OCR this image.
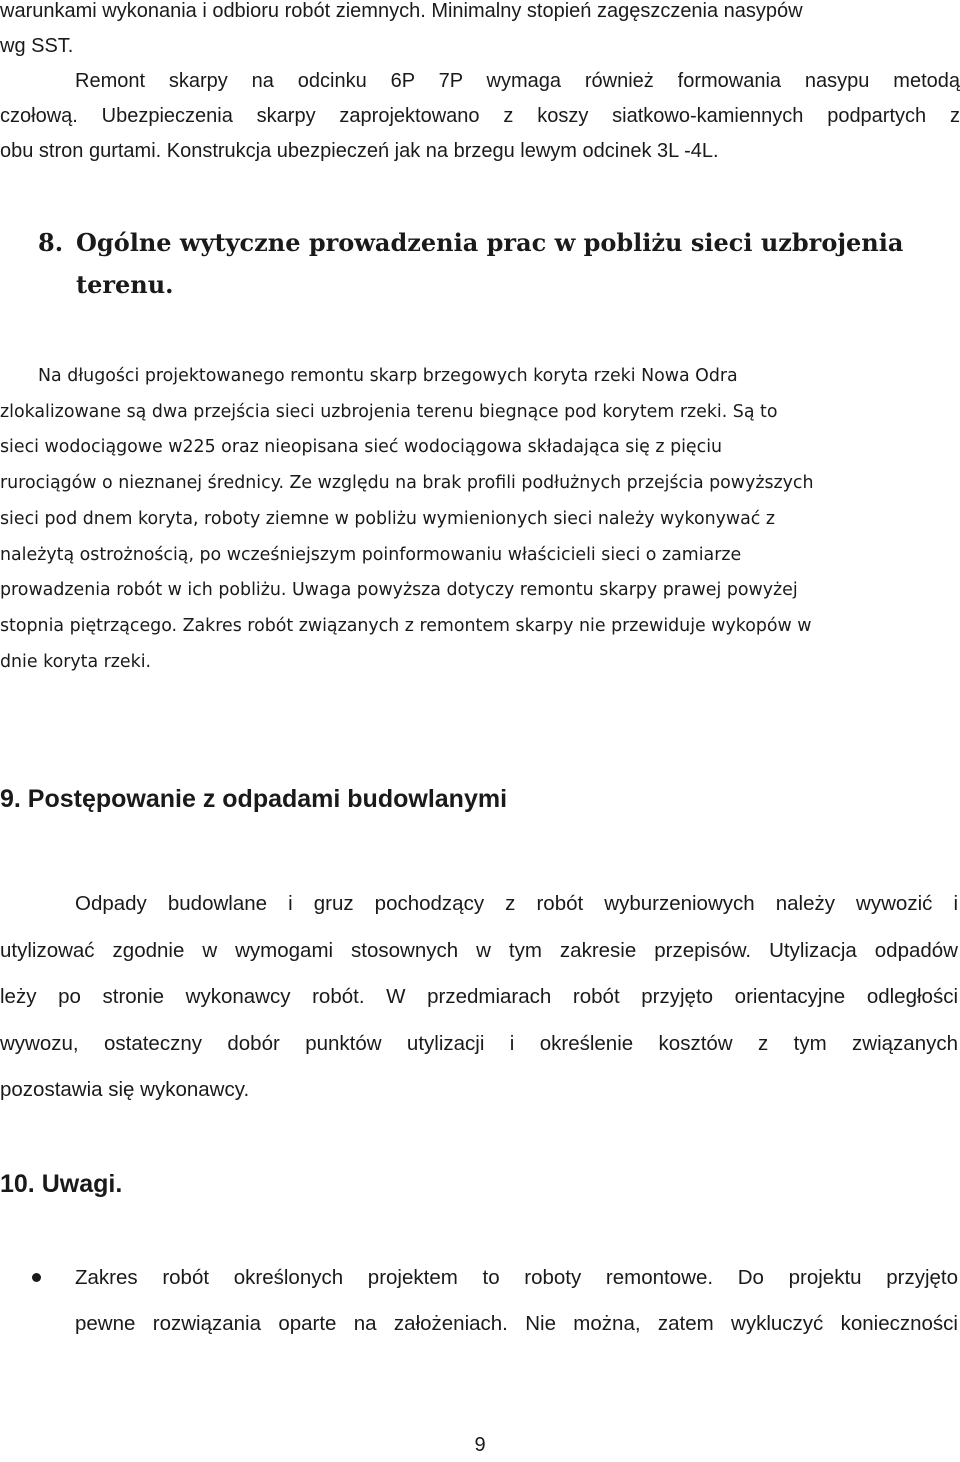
warunkami wykonania i odbioru robót ziemnych. Minimalny stopień zagęszczenia nasypów

wg SST.

Remont skarpy na odcinku 6P 7P wymaga również formowania nasypu metodą

czołową. Ubezpieczenia skarpy zaprojektowano z koszy siatkowo-kamiennych podpartych z

obu stron gurtami. Konstrukcja ubezpieczeń jak na brzegu lewym odcinek 3L -4L.

8. Ogólne wytyczne prowadzenia prac w pobliżu sieci uzbrojenia
terenu.
Na długości projektowanego remontu skarp brzegowych koryta rzeki Nowa Odra
zlokalizowane są dwa przejścia sieci uzbrojenia terenu biegnące pod korytem rzeki. Są to
sieci wodociągowe w225 oraz nieopisana sieć wodociągowa składająca się z pięciu
rurociągów o nieznanej średnicy. Ze względu na brak profili podłużnych przejścia powyższych
sieci pod dnem koryta, roboty ziemne w pobliżu wymienionych sieci należy wykonywać z
należytą ostrożnością, po wcześniejszym poinformowaniu właścicieli sieci o zamiarze
prowadzenia robót w ich pobliżu. Uwaga powyższa dotyczy remontu skarpy prawej powyżej
stopnia piętrzącego. Zakres robót związanych z remontem skarpy nie przewiduje wykopów w
dnie koryta rzeki.
9. Postępowanie z odpadami budowlanymi
Odpady budowlane i gruz pochodzący z robót wyburzeniowych należy wywozić i
utylizować zgodnie w wymogami stosownych w tym zakresie przepisów. Utylizacja odpadów
leży po stronie wykonawcy robót. W przedmiarach robót przyjęto orientacyjne odległości
wywozu, ostateczny dobór punktów utylizacji i określenie kosztów z tym związanych
pozostawia się wykonawcy.
10. Uwagi.
Zakres robót określonych projektem to roboty remontowe. Do projektu przyjęto
pewne rozwiązania oparte na założeniach. Nie można, zatem wykluczyć konieczności
9
